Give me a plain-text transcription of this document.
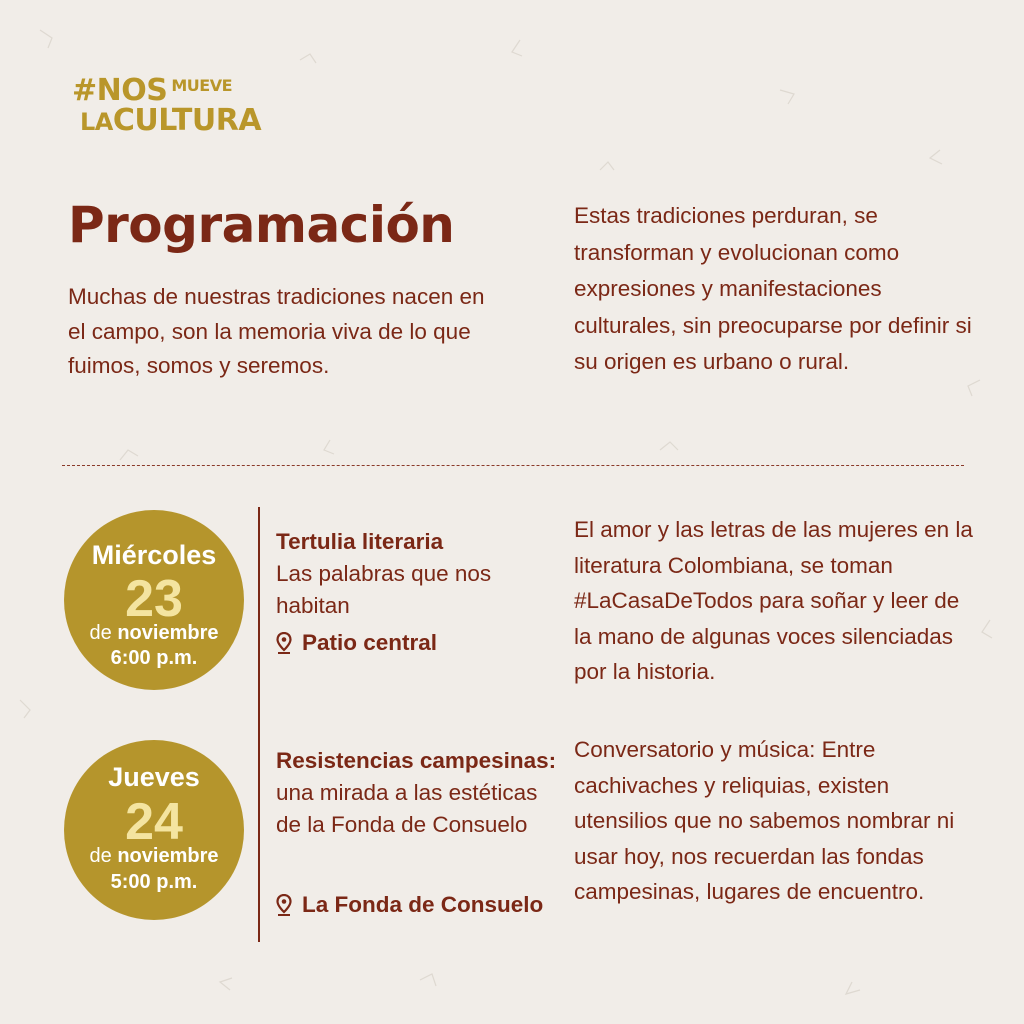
#NOS $^{MUEVE}$
LACULTURA
Programación

Muchas de nuestras tradiciones nacen en el campo, son la memoria viva de lo que fuimos, somos y seremos.

Estas tradiciones perduran, se transforman y evolucionan como expresiones y manifestaciones culturales, sin preocuparse por definir si su origen es urbano o rural.

Miércoles
23
de noviembre
6:00 p.m.
Tertulia literaria
Las palabras que nos habitan
Patio central

El amor y las letras de las mujeres en la literatura Colombiana, se toman #LaCasaDeTodos para soñar y leer de la mano de algunas voces silenciadas por la historia.

Jueves
24
de noviembre
5:00 p.m.
Resistencias campesinas: una mirada a las estéticas de la Fonda de Consuelo
La Fonda de Consuelo

Conversatorio y música: Entre cachivaches y reliquias, existen utensilios que no sabemos nombrar ni usar hoy, nos recuerdan las fondas campesinas, lugares de encuentro.
